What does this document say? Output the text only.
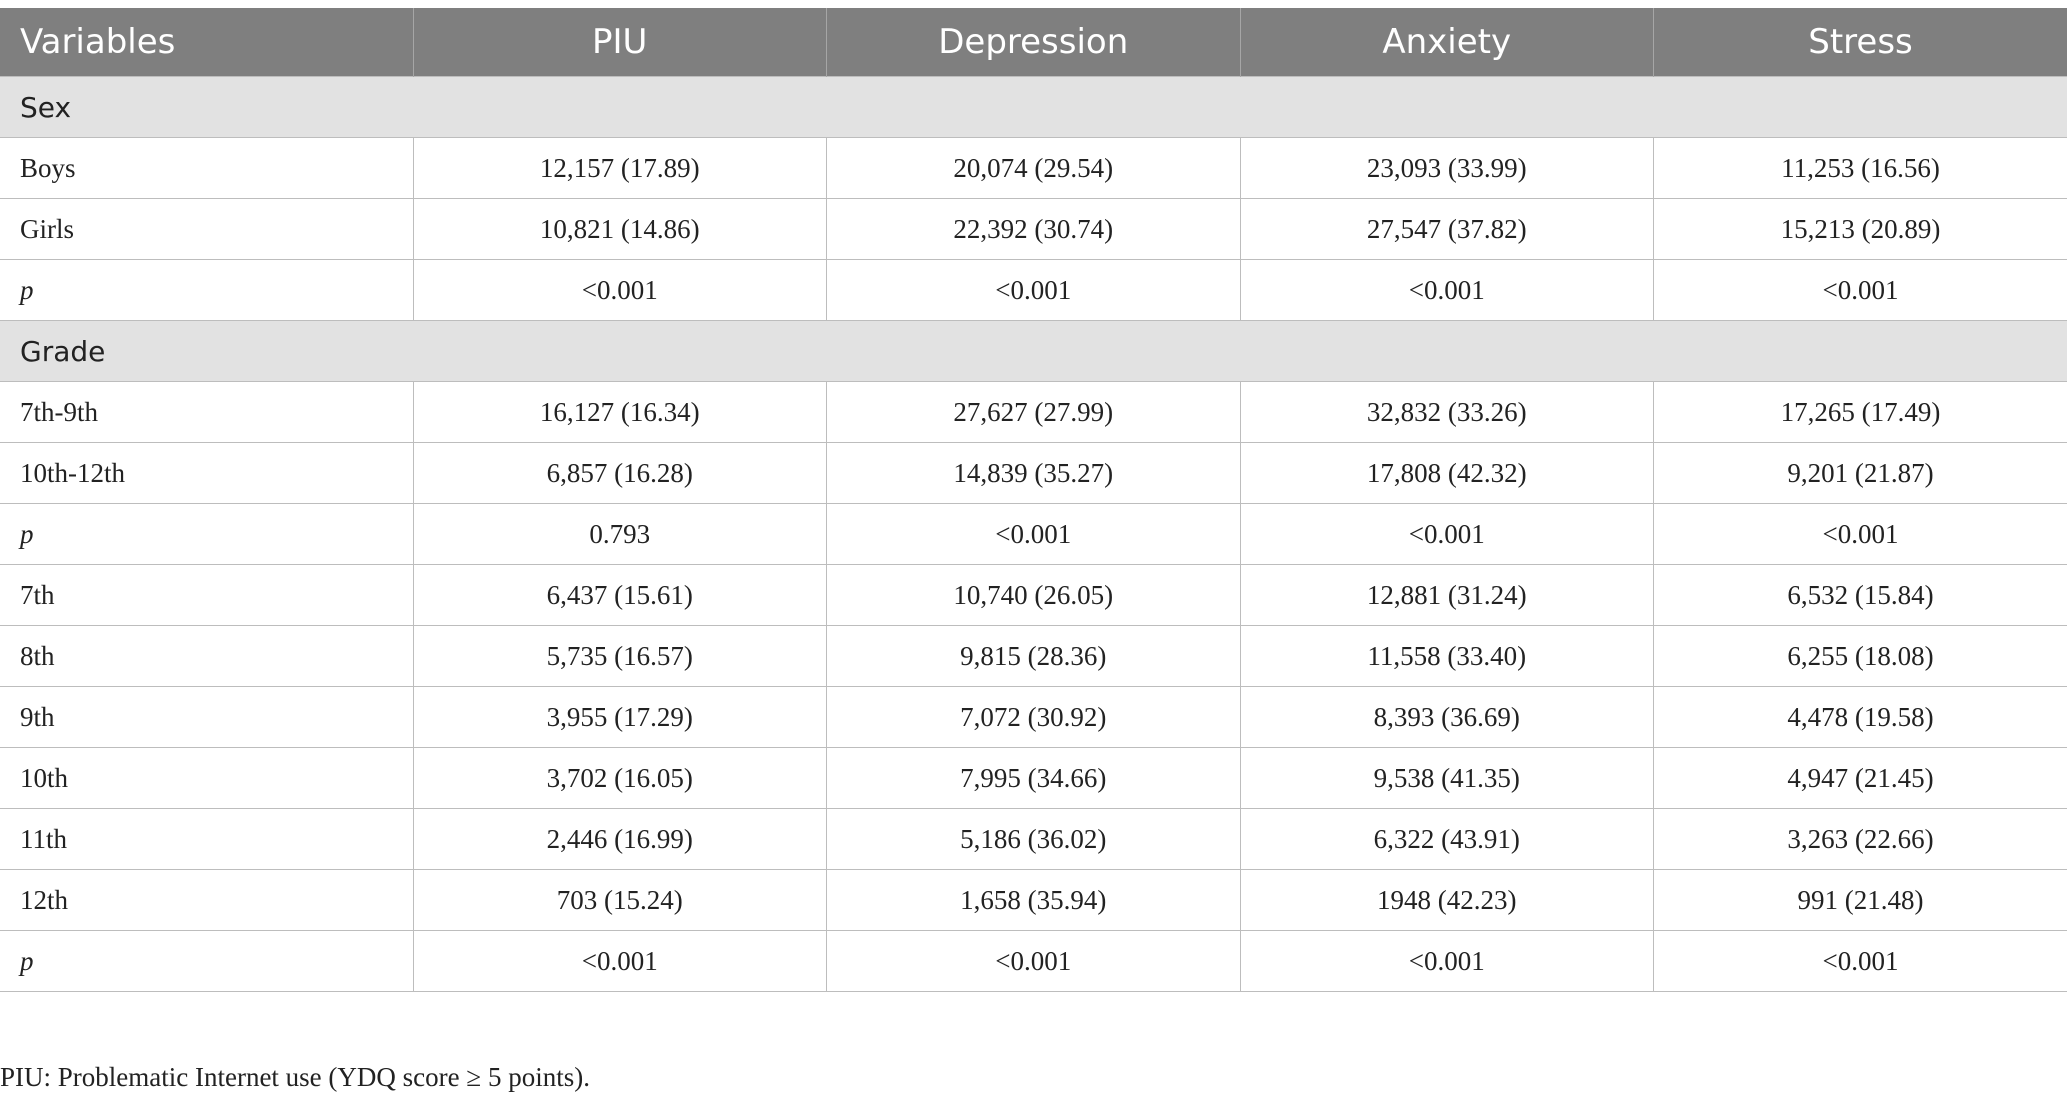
Variables	PIU	Depression	Anxiety	Stress
Sex				
Boys	12,157 (17.89)	20,074 (29.54)	23,093 (33.99)	11,253 (16.56)
Girls	10,821 (14.86)	22,392 (30.74)	27,547 (37.82)	15,213 (20.89)
p	<0.001	<0.001	<0.001	<0.001
Grade				
7th-9th	16,127 (16.34)	27,627 (27.99)	32,832 (33.26)	17,265 (17.49)
10th-12th	6,857 (16.28)	14,839 (35.27)	17,808 (42.32)	9,201 (21.87)
p	0.793	<0.001	<0.001	<0.001
7th	6,437 (15.61)	10,740 (26.05)	12,881 (31.24)	6,532 (15.84)
8th	5,735 (16.57)	9,815 (28.36)	11,558 (33.40)	6,255 (18.08)
9th	3,955 (17.29)	7,072 (30.92)	8,393 (36.69)	4,478 (19.58)
10th	3,702 (16.05)	7,995 (34.66)	9,538 (41.35)	4,947 (21.45)
11th	2,446 (16.99)	5,186 (36.02)	6,322 (43.91)	3,263 (22.66)
12th	703 (15.24)	1,658 (35.94)	1948 (42.23)	991 (21.48)
p	<0.001	<0.001	<0.001	<0.001
PIU: Problematic Internet use (YDQ score ≥ 5 points).
